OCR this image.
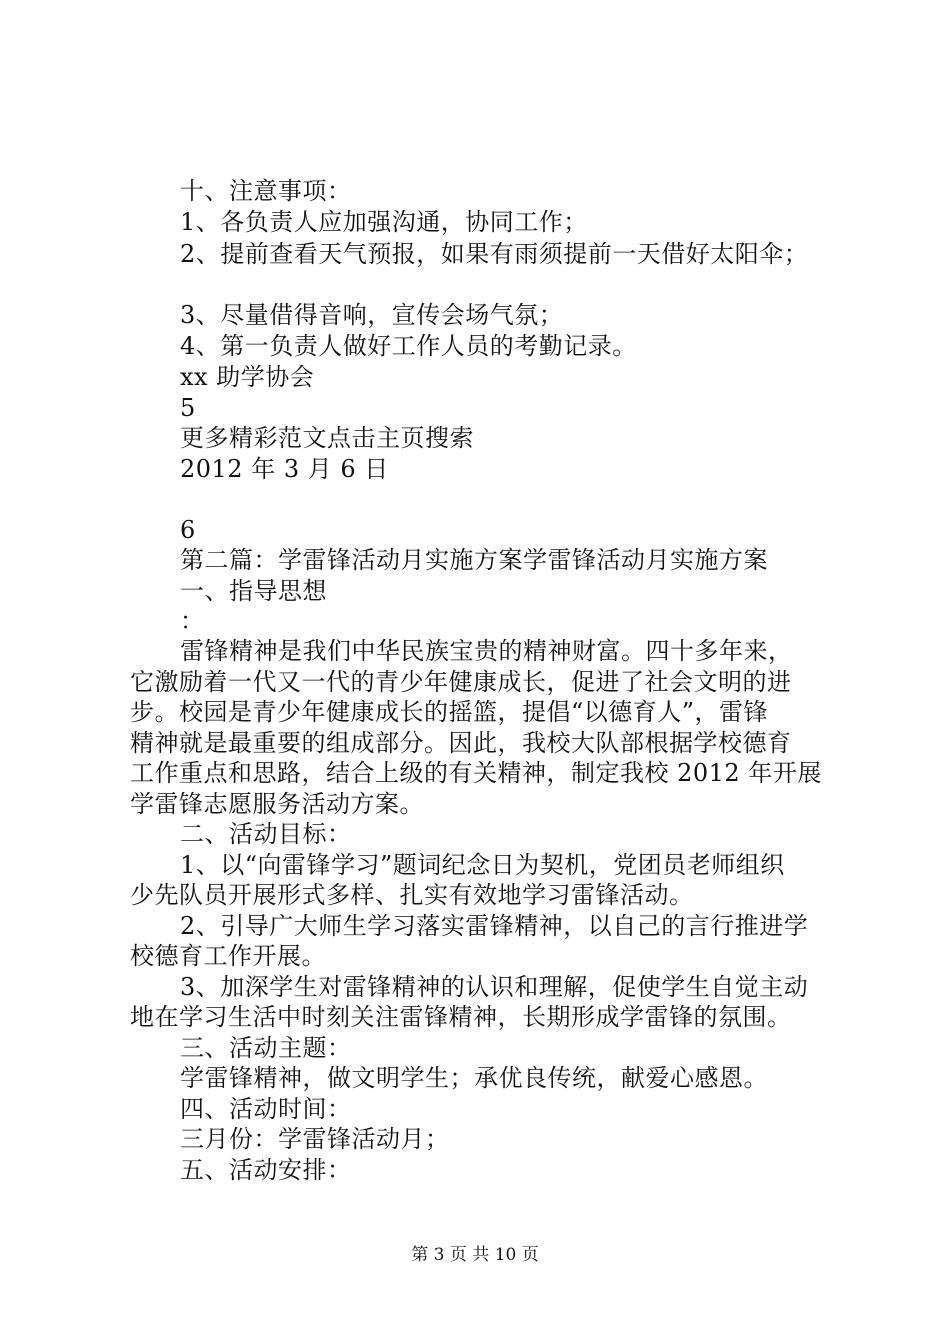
十、注意事项：
1、各负责人应加强沟通，协同工作；
2、提前查看天气预报，如果有雨须提前一天借好太阳伞；
3、尽量借得音响，宣传会场气氛；
4、第一负责人做好工作人员的考勤记录。
xx 助学协会
5
更多精彩范文点击主页搜索
2012 年 3 月 6 日
6
第二篇：学雷锋活动月实施方案学雷锋活动月实施方案
一、指导思想
：
雷锋精神是我们中华民族宝贵的精神财富。四十多年来，
它激励着一代又一代的青少年健康成长，促进了社会文明的进
步。校园是青少年健康成长的摇篮，提倡“以德育人”，雷锋
精神就是最重要的组成部分。因此，我校大队部根据学校德育
工作重点和思路，结合上级的有关精神，制定我校 2012 年开展
学雷锋志愿服务活动方案。
二、活动目标：
1、以“向雷锋学习”题词纪念日为契机，党团员老师组织
少先队员开展形式多样、扎实有效地学习雷锋活动。
2、引导广大师生学习落实雷锋精神，以自己的言行推进学
校德育工作开展。
3、加深学生对雷锋精神的认识和理解，促使学生自觉主动
地在学习生活中时刻关注雷锋精神，长期形成学雷锋的氛围。
三、活动主题：
学雷锋精神，做文明学生；承优良传统，献爱心感恩。
四、活动时间：
三月份：学雷锋活动月；
五、活动安排：
第 3 页 共 10 页
